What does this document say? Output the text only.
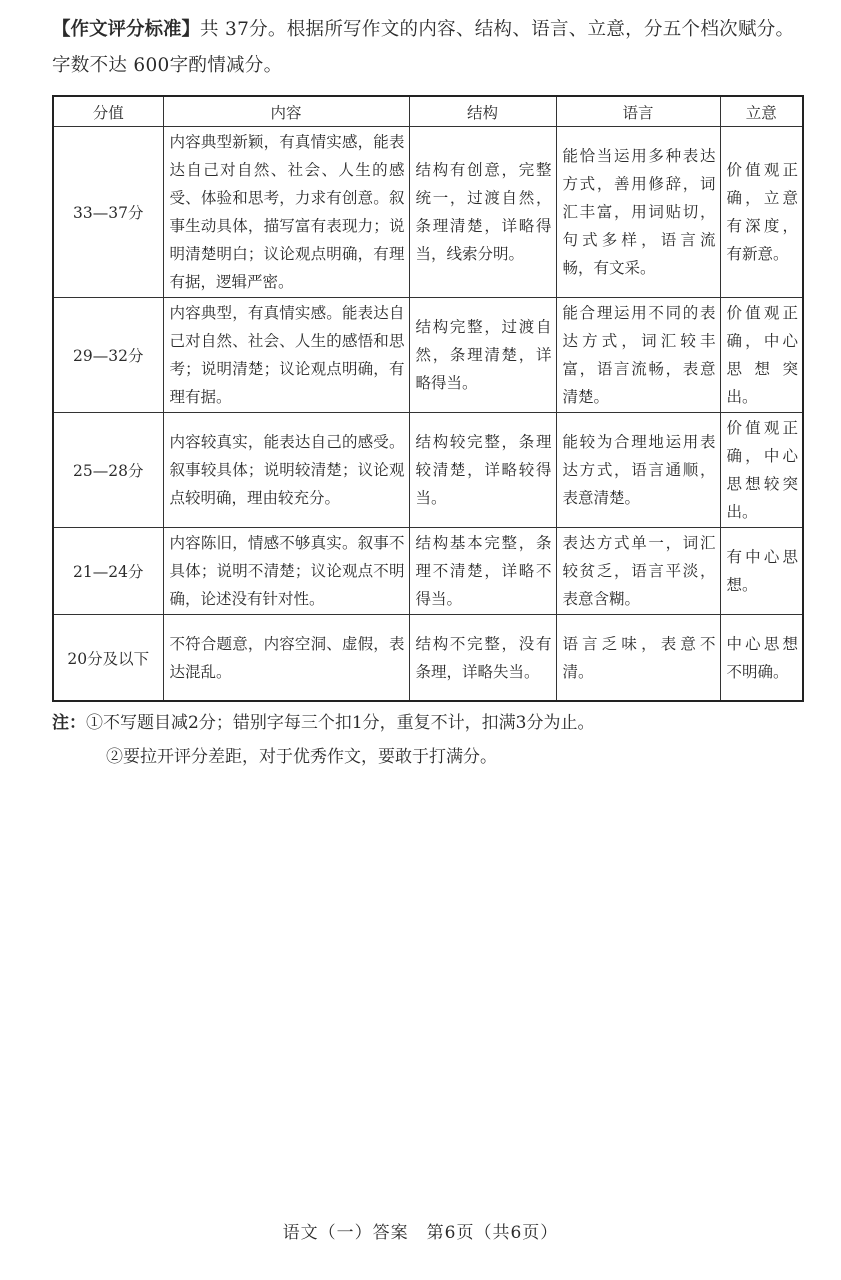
【作文评分标准】共 37分。根据所写作文的内容、结构、语言、立意，分五个档次赋分。
字数不达 600字酌情减分。
分值	内容	结构	语言	立意
33—37分	内容典型新颖，有真情实感，能表达自己对自然、社会、人生的感受、体验和思考，力求有创意。叙事生动具体，描写富有表现力；说明清楚明白；议论观点明确，有理有据，逻辑严密。	结构有创意，完整统一，过渡自然，条理清楚，详略得当，线索分明。	能恰当运用多种表达方式，善用修辞，词汇丰富，用词贴切，句式多样，语言流畅，有文采。	价值观正确，立意有深度，有新意。
29—32分	内容典型，有真情实感。能表达自己对自然、社会、人生的感悟和思考；说明清楚；议论观点明确，有理有据。	结构完整，过渡自然，条理清楚，详略得当。	能合理运用不同的表达方式，词汇较丰富，语言流畅，表意清楚。	价值观正确，中心思想突出。
25—28分	内容较真实，能表达自己的感受。叙事较具体；说明较清楚；议论观点较明确，理由较充分。	结构较完整，条理较清楚，详略较得当。	能较为合理地运用表达方式，语言通顺，表意清楚。	价值观正确，中心思想较突出。
21—24分	内容陈旧，情感不够真实。叙事不具体；说明不清楚；议论观点不明确，论述没有针对性。	结构基本完整，条理不清楚，详略不得当。	表达方式单一，词汇较贫乏，语言平淡，表意含糊。	有中心思想。
20分及以下	不符合题意，内容空洞、虚假，表达混乱。	结构不完整，没有条理，详略失当。	语言乏味，表意不清。	中心思想不明确。
注：①不写题目减2分；错别字每三个扣1分，重复不计，扣满3分为止。
②要拉开评分差距，对于优秀作文，要敢于打满分。
语文（一）答案　第6页（共6页）
